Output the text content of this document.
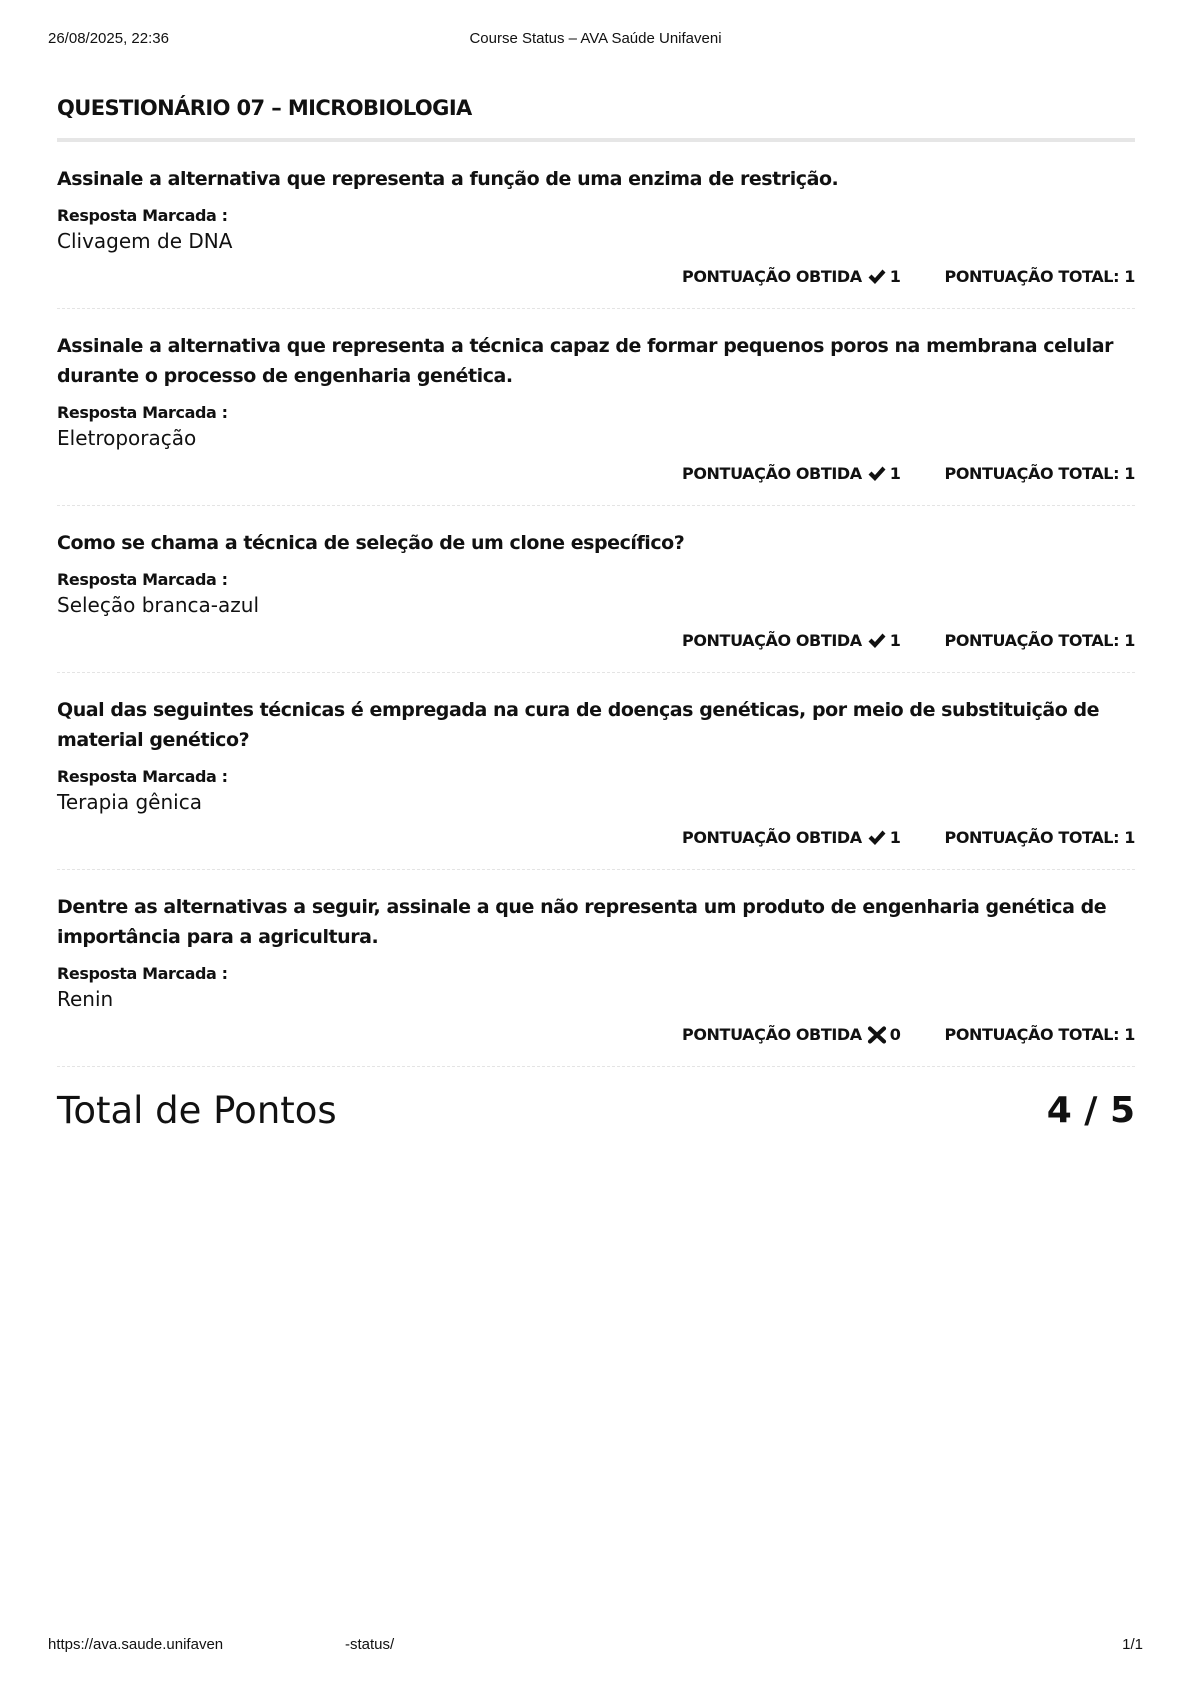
26/08/2025, 22:36	Course Status – AVA Saúde Unifaveni
QUESTIONÁRIO 07 – MICROBIOLOGIA

Assinale a alternativa que representa a função de uma enzima de restrição.

Resposta Marcada :
Clivagem de DNA
PONTUAÇÃO OBTIDA 1	PONTUAÇÃO TOTAL: 1

Assinale a alternativa que representa a técnica capaz de formar pequenos poros na membrana celular durante o processo de engenharia genética.

Resposta Marcada :
Eletroporação
PONTUAÇÃO OBTIDA 1	PONTUAÇÃO TOTAL: 1

Como se chama a técnica de seleção de um clone específico?

Resposta Marcada :
Seleção branca-azul
PONTUAÇÃO OBTIDA 1	PONTUAÇÃO TOTAL: 1

Qual das seguintes técnicas é empregada na cura de doenças genéticas, por meio de substituição de material genético?

Resposta Marcada :
Terapia gênica
PONTUAÇÃO OBTIDA 1	PONTUAÇÃO TOTAL: 1

Dentre as alternativas a seguir, assinale a que não representa um produto de engenharia genética de importância para a agricultura.

Resposta Marcada :
Renin
PONTUAÇÃO OBTIDA 0	PONTUAÇÃO TOTAL: 1
Total de Pontos	4 / 5
https://ava.saude.unifaven	-status/	1/1
